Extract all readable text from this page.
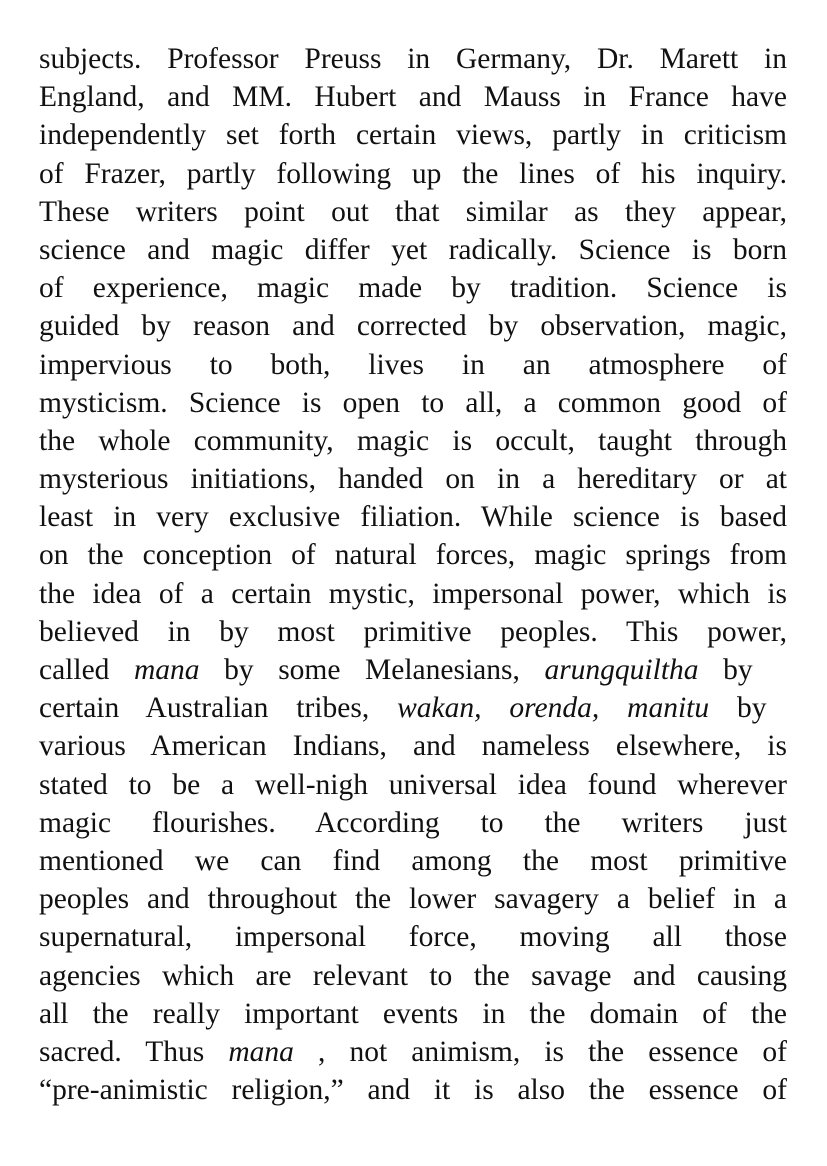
subjects. Professor Preuss in Germany, Dr. Marett in
England, and MM. Hubert and Mauss in France have
independently set forth certain views, partly in criticism
of Frazer, partly following up the lines of his inquiry.
These writers point out that similar as they appear,
science and magic differ yet radically. Science is born
of experience, magic made by tradition. Science is
guided by reason and corrected by observation, magic,
impervious to both, lives in an atmosphere of
mysticism. Science is open to all, a common good of
the whole community, magic is occult, taught through
mysterious initiations, handed on in a hereditary or at
least in very exclusive filiation. While science is based
on the conception of natural forces, magic springs from
the idea of a certain mystic, impersonal power, which is
believed in by most primitive peoples. This power,
called mana by some Melanesians, arungquiltha by
certain Australian tribes, wakan, orenda, manitu by
various American Indians, and nameless elsewhere, is
stated to be a well-nigh universal idea found wherever
magic flourishes. According to the writers just
mentioned we can find among the most primitive
peoples and throughout the lower savagery a belief in a
supernatural, impersonal force, moving all those
agencies which are relevant to the savage and causing
all the really important events in the domain of the
sacred. Thus mana , not animism, is the essence of
“pre-animistic religion,” and it is also the essence of
